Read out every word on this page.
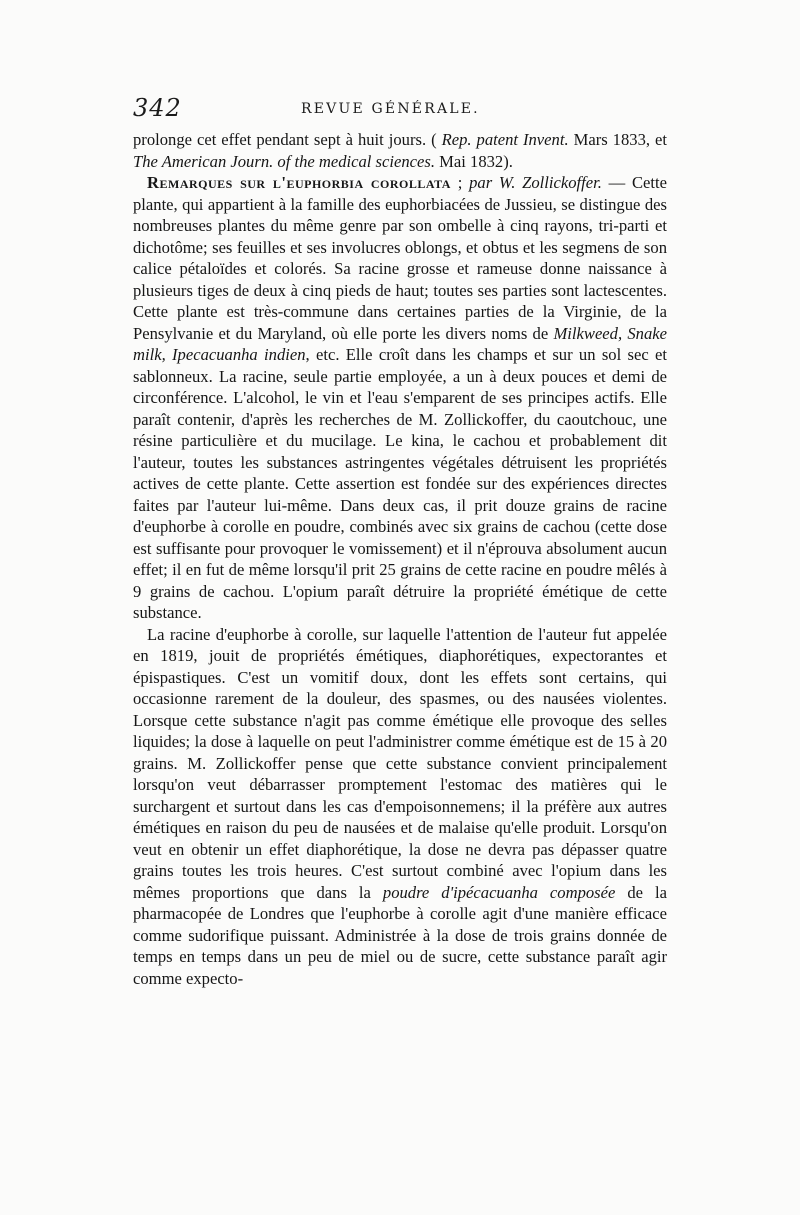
342	REVUE GÉNÉRALE.

prolonge cet effet pendant sept à huit jours. ( Rep. patent Invent. Mars 1833, et The American Journ. of the medical sciences. Mai 1832).

Remarques sur l'euphorbia corollata ; par W. Zollickoffer. — Cette plante, qui appartient à la famille des euphorbiacées de Jussieu, se distingue des nombreuses plantes du même genre par son ombelle à cinq rayons, tri-parti et dichotôme; ses feuilles et ses involucres oblongs, et obtus et les segmens de son calice pétaloïdes et colorés. Sa racine grosse et rameuse donne naissance à plusieurs tiges de deux à cinq pieds de haut; toutes ses parties sont lactescentes. Cette plante est très-commune dans certaines parties de la Virginie, de la Pensylvanie et du Maryland, où elle porte les divers noms de Milkweed, Snake milk, Ipecacuanha indien, etc. Elle croît dans les champs et sur un sol sec et sablonneux. La racine, seule partie employée, a un à deux pouces et demi de circonférence. L'alcohol, le vin et l'eau s'emparent de ses principes actifs. Elle paraît contenir, d'après les recherches de M. Zollickoffer, du caoutchouc, une résine particulière et du mucilage. Le kina, le cachou et probablement dit l'auteur, toutes les substances astringentes végétales détruisent les propriétés actives de cette plante. Cette assertion est fondée sur des expériences directes faites par l'auteur lui-même. Dans deux cas, il prit douze grains de racine d'euphorbe à corolle en poudre, combinés avec six grains de cachou (cette dose est suffisante pour provoquer le vomissement) et il n'éprouva absolument aucun effet; il en fut de même lorsqu'il prit 25 grains de cette racine en poudre mêlés à 9 grains de cachou. L'opium paraît détruire la propriété émétique de cette substance.

La racine d'euphorbe à corolle, sur laquelle l'attention de l'auteur fut appelée en 1819, jouit de propriétés émétiques, diaphorétiques, expectorantes et épispastiques. C'est un vomitif doux, dont les effets sont certains, qui occasionne rarement de la douleur, des spasmes, ou des nausées violentes. Lorsque cette substance n'agit pas comme émétique elle provoque des selles liquides; la dose à laquelle on peut l'administrer comme émétique est de 15 à 20 grains. M. Zollickoffer pense que cette substance convient principalement lorsqu'on veut débarrasser promptement l'estomac des matières qui le surchargent et surtout dans les cas d'empoisonnemens; il la préfère aux autres émétiques en raison du peu de nausées et de malaise qu'elle produit. Lorsqu'on veut en obtenir un effet diaphorétique, la dose ne devra pas dépasser quatre grains toutes les trois heures. C'est surtout combiné avec l'opium dans les mêmes proportions que dans la poudre d'ipécacuanha composée de la pharmacopée de Londres que l'euphorbe à corolle agit d'une manière efficace comme sudorifique puissant. Administrée à la dose de trois grains donnée de temps en temps dans un peu de miel ou de sucre, cette substance paraît agir comme expecto-
